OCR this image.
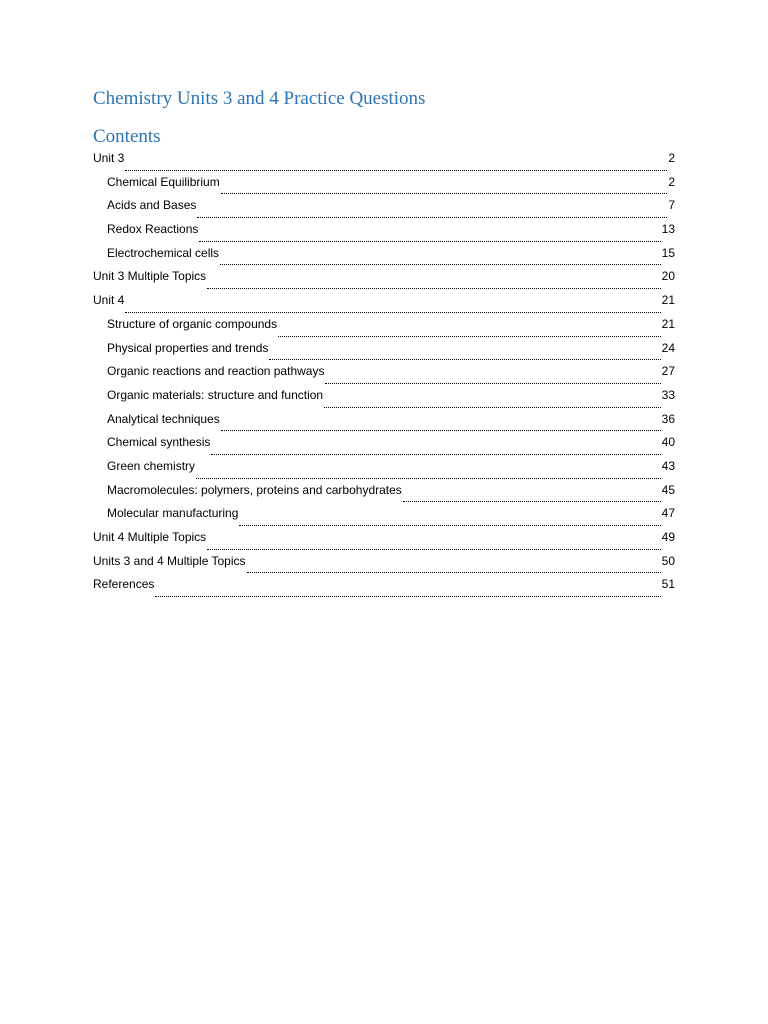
Chemistry Units 3 and 4 Practice Questions
Contents
Unit 3	2
Chemical Equilibrium	2
Acids and Bases	7
Redox Reactions	13
Electrochemical cells	15
Unit 3 Multiple Topics	20
Unit 4	21
Structure of organic compounds	21
Physical properties and trends	24
Organic reactions and reaction pathways	27
Organic materials: structure and function	33
Analytical techniques	36
Chemical synthesis	40
Green chemistry	43
Macromolecules: polymers, proteins and carbohydrates	45
Molecular manufacturing	47
Unit 4 Multiple Topics	49
Units 3 and 4 Multiple Topics	50
References	51
